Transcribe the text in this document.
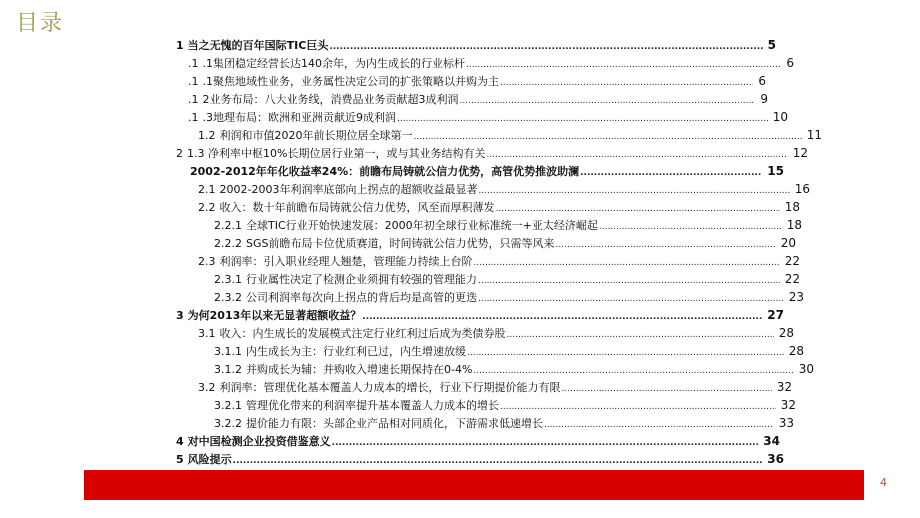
目录
1 当之无愧的百年国际TIC巨头 .....	5
.1 .1集团稳定经营长达140余年，为内生成长的行业标杆 .....	6
.1 .1聚焦地域性业务，业务属性决定公司的扩张策略以并购为主 .....	6
.1 2业务布局：八大业务线，消费品业务贡献超3成利润 .....	9
.1 .3地理布局：欧洲和亚洲贡献近9成利润 .....	10
1.2 利润和市值2020年前长期位居全球第一 .....	11
2 1.3 净利率中枢10%长期位居行业第一，或与其业务结构有关 .....	12
2002-2012年年化收益率24%：前瞻布局铸就公信力优势，高管优势推波助澜 .....	15
2.1 2002-2003年利润率底部向上拐点的超额收益最显著 .....	16
2.2 收入：数十年前瞻布局铸就公信力优势，风至而厚积薄发 .....	18
2.2.1 全球TIC行业开始快速发展：2000年初全球行业标准统一+亚太经济崛起 .....	18
2.2.2 SGS前瞻布局卡位优质赛道，时间铸就公信力优势，只需等风来 .....	20
2.3 利润率：引入职业经理人翘楚，管理能力持续上台阶 .....	22
2.3.1 行业属性决定了检测企业须拥有较强的管理能力 .....	22
2.3.2 公司利润率每次向上拐点的背后均是高管的更迭 .....	23
3 为何2013年以来无显著超额收益？ .....	27
3.1 收入：内生成长的发展模式注定行业红利过后成为类债券股 .....	28
3.1.1 内生成长为主：行业红利已过，内生增速放缓 .....	28
3.1.2 并购成长为辅：并购收入增速长期保持在0-4% .....	30
3.2 利润率：管理优化基本覆盖人力成本的增长，行业下行期提价能力有限 .....	32
3.2.1 管理优化带来的利润率提升基本覆盖人力成本的增长 .....	32
3.2.2 提价能力有限：头部企业产品相对同质化，下游需求低速增长 .....	33
4 对中国检测企业投资借鉴意义 .....	34
5 风险提示 .....	36
4
